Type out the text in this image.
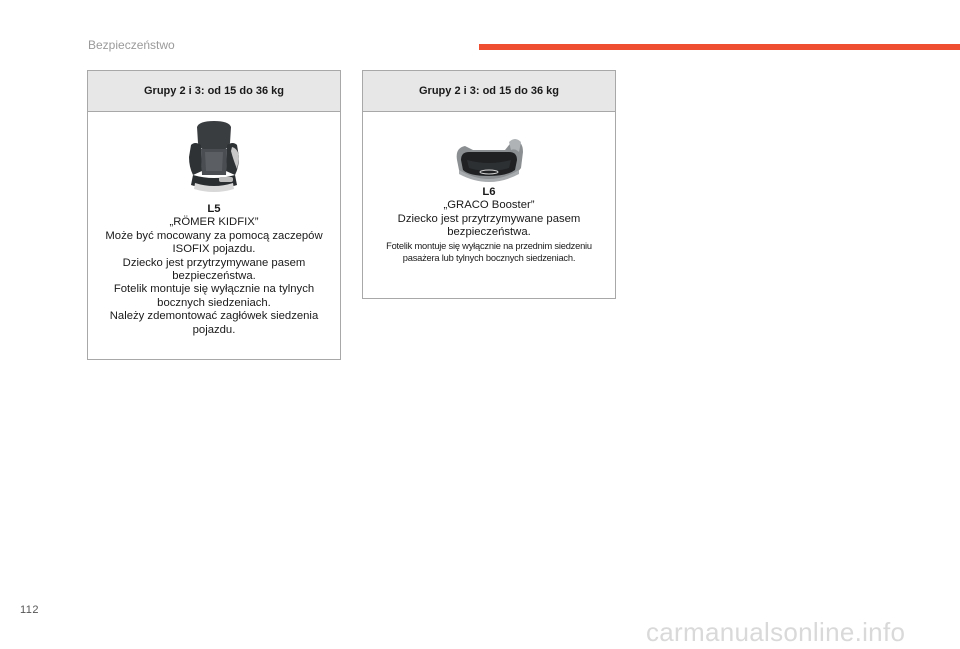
Bezpieczeństwo
Grupy 2 i 3: od 15 do 36 kg
L5
„RÖMER KIDFIX”
Może być mocowany za pomocą zaczepów ISOFIX pojazdu.
Dziecko jest przytrzymywane pasem bezpieczeństwa.
Fotelik montuje się wyłącznie na tylnych bocznych siedzeniach.
Należy zdemontować zagłówek siedzenia pojazdu.
Grupy 2 i 3: od 15 do 36 kg
L6
„GRACO Booster”
Dziecko jest przytrzymywane pasem bezpieczeństwa.
Fotelik montuje się wyłącznie na przednim siedzeniu pasażera lub tylnych bocznych siedzeniach.
112
carmanualsonline.info
